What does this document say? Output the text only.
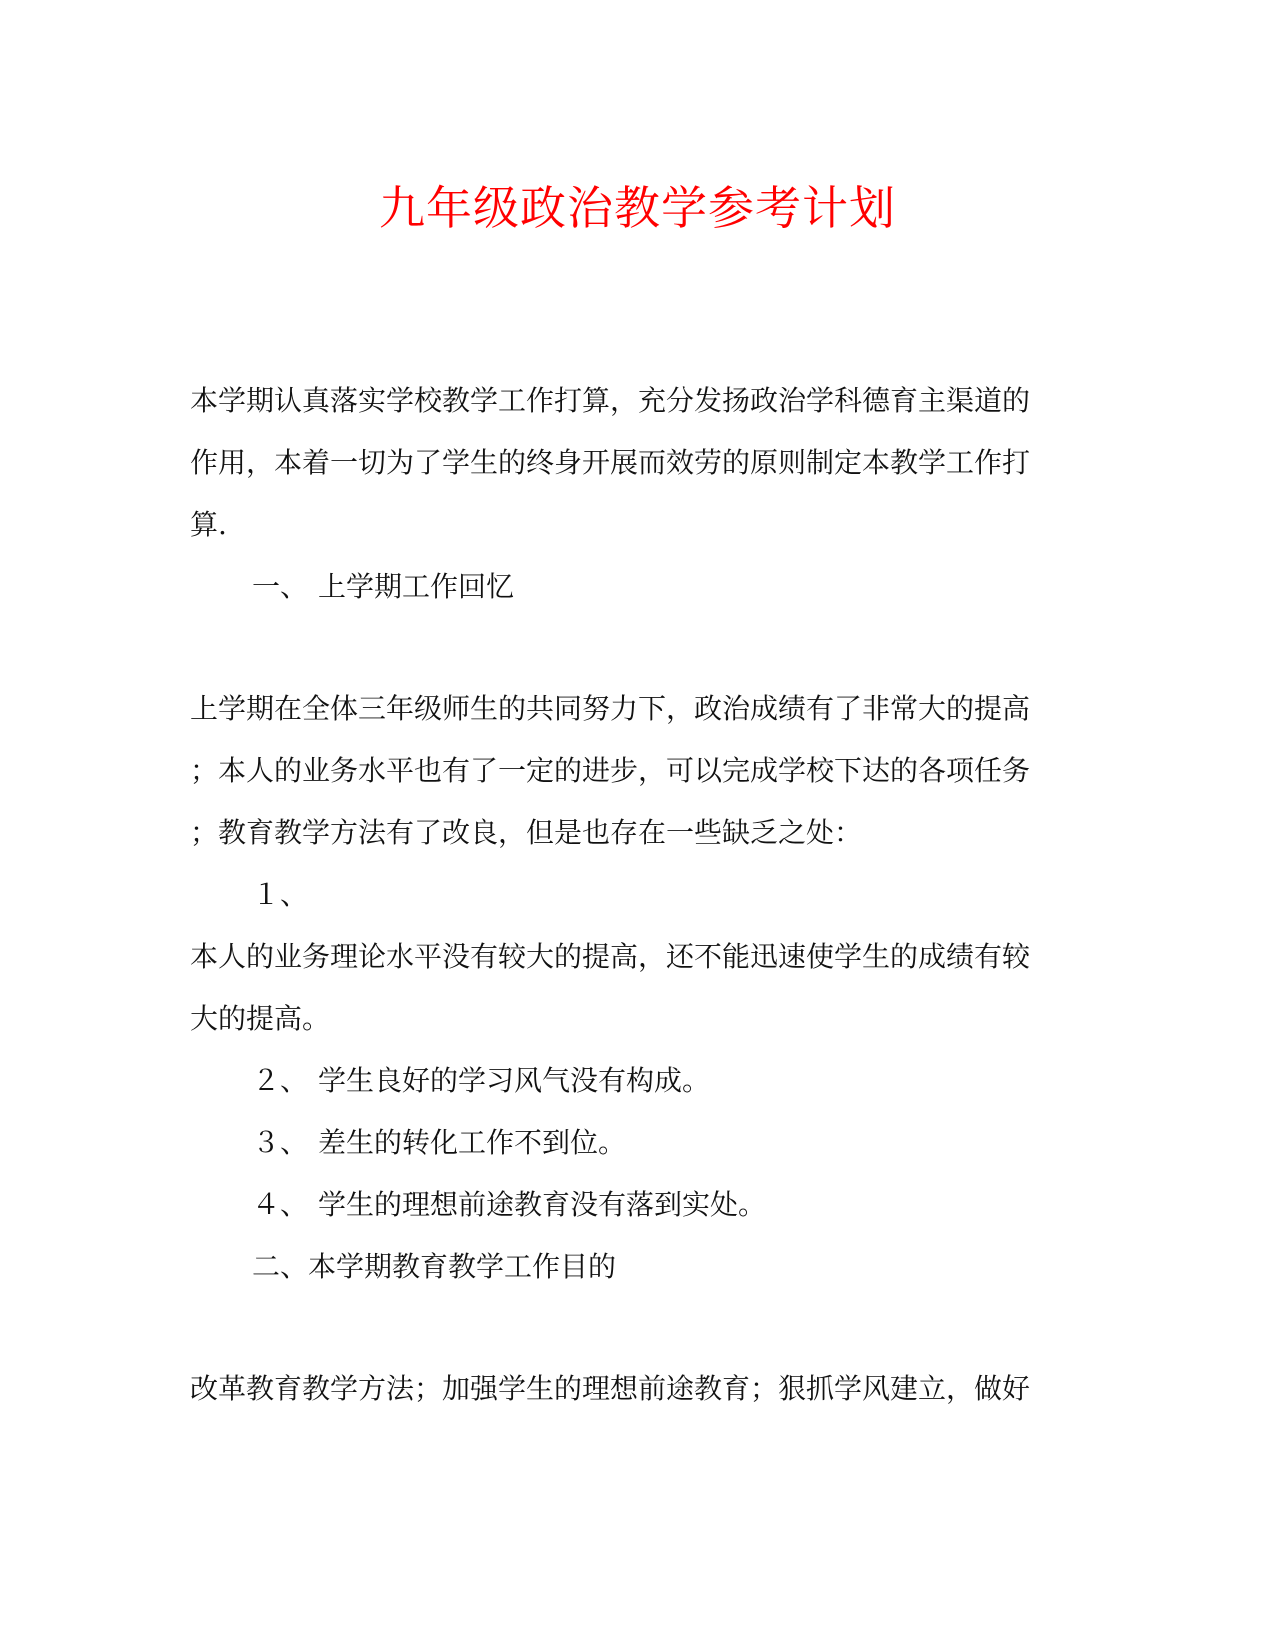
九年级政治教学参考计划
本学期认真落实学校教学工作打算，充分发扬政治学科德育主渠道的
作用，本着一切为了学生的终身开展而效劳的原则制定本教学工作打
算.
一、 上学期工作回忆
上学期在全体三年级师生的共同努力下，政治成绩有了非常大的提高
；本人的业务水平也有了一定的进步，可以完成学校下达的各项任务
；教育教学方法有了改良，但是也存在一些缺乏之处：
１、
本人的业务理论水平没有较大的提高，还不能迅速使学生的成绩有较
大的提高。
２、 学生良好的学习风气没有构成。
３、 差生的转化工作不到位。
４、 学生的理想前途教育没有落到实处。
二、本学期教育教学工作目的
改革教育教学方法；加强学生的理想前途教育；狠抓学风建立，做好
